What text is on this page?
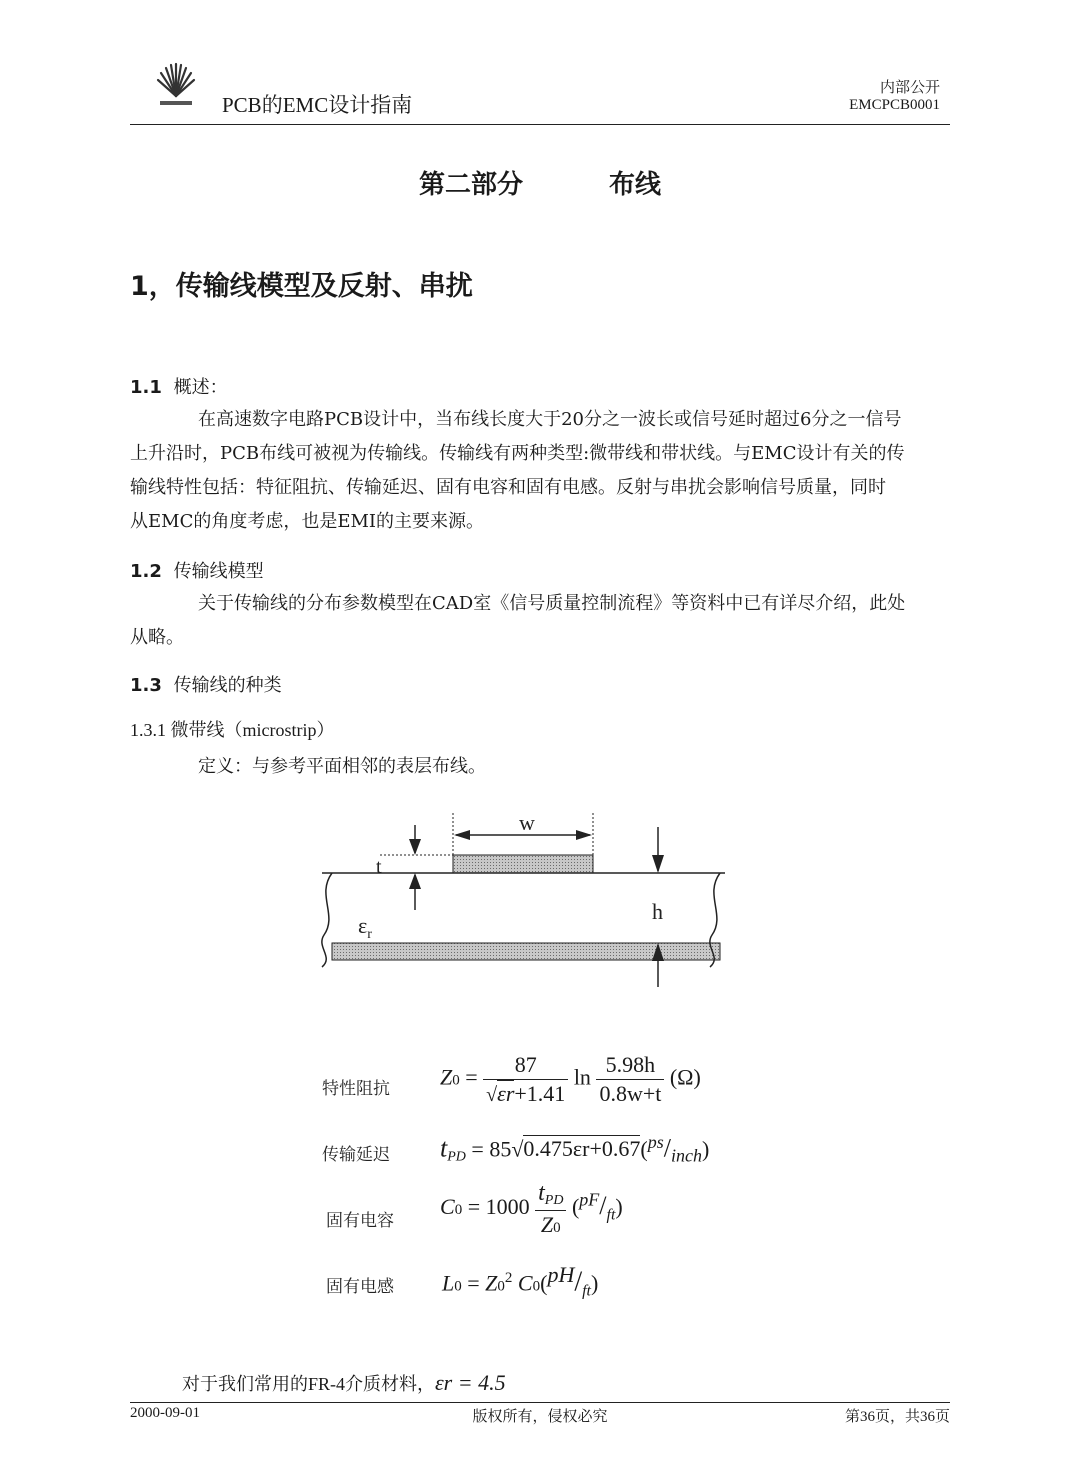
PCB的EMC设计指南
内部公开
EMCPCB0001
第二部分	布线
1，传输线模型及反射、串扰
1.1 概述：
在高速数字电路PCB设计中，当布线长度大于20分之一波长或信号延时超过6分之一信号
上升沿时，PCB布线可被视为传输线。传输线有两种类型:微带线和带状线。与EMC设计有关的传
输线特性包括：特征阻抗、传输延迟、固有电容和固有电感。反射与串扰会影响信号质量，同时
从EMC的角度考虑，也是EMI的主要来源。
1.2 传输线模型
关于传输线的分布参数模型在CAD室《信号质量控制流程》等资料中已有详尽介绍，此处
从略。
1.3 传输线的种类
1.3.1 微带线（microstrip）
定义：与参考平面相邻的表层布线。
w
t
h
$\varepsilon_r$
特性阻抗 $Z0 = \frac{87}{√\varepsilon r+1.41}$ $\ln \frac{5.98h}{0.8w+t} (\Omega)$
传输延迟 $t_{PD} = 85√0.475\varepsilon r+0.67(^{ps}/_{inch})$
固有电容
$C0 = 1000 \frac{t_{PD}}{Z0} (^{pF}/_{ft})$
固有电感 $L0 = Z0^2$ $C0(^{pH}/_{ft})$
对于我们常用的FR-4介质材料，εr = 4.5
2000-09-01	版权所有，侵权必究	第36页，共36页
